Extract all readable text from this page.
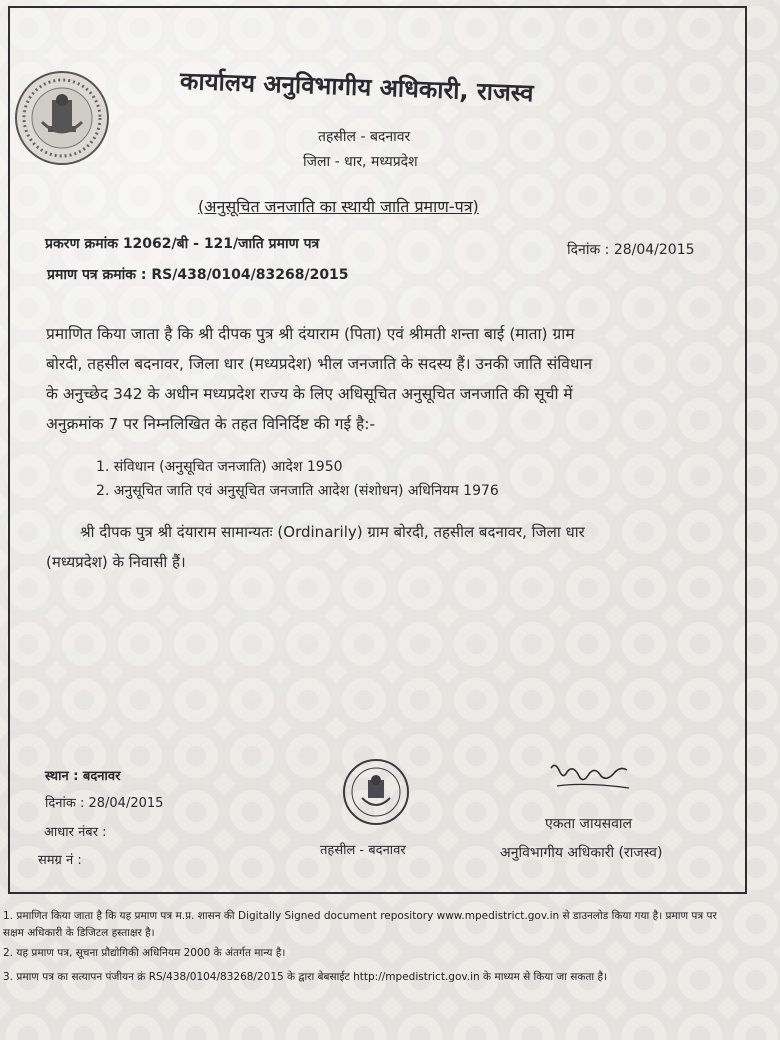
कार्यालय अनुविभागीय अधिकारी, राजस्व
तहसील - बदनावर
जिला - धार, मध्यप्रदेश
(अनुसूचित जनजाति का स्थायी जाति प्रमाण-पत्र)
प्रकरण क्रमांक 12062/बी - 121/जाति प्रमाण पत्र	दिनांक : 28/04/2015
प्रमाण पत्र क्रमांक : RS/438/0104/83268/2015
प्रमाणित किया जाता है कि श्री दीपक पुत्र श्री दंयाराम (पिता) एवं श्रीमती शन्ता बाई (माता) ग्राम
बोरदी, तहसील बदनावर, जिला धार (मध्यप्रदेश) भील जनजाति के सदस्य हैं। उनकी जाति संविधान
के अनुच्छेद 342 के अधीन मध्यप्रदेश राज्य के लिए अधिसूचित अनुसूचित जनजाति की सूची में
अनुक्रमांक 7 पर निम्नलिखित के तहत विनिर्दिष्ट की गई है:-
1. संविधान (अनुसूचित जनजाति) आदेश 1950
2. अनुसूचित जाति एवं अनुसूचित जनजाति आदेश (संशोधन) अधिनियम 1976
श्री दीपक पुत्र श्री दंयाराम सामान्यतः (Ordinarily) ग्राम बोरदी, तहसील बदनावर, जिला धार
(मध्यप्रदेश) के निवासी हैं।
स्थान : बदनावर
दिनांक : 28/04/2015
आधार नंबर :
समग्र नं :
तहसील - बदनावर
एकता जायसवाल
अनुविभागीय अधिकारी (राजस्व)
1. प्रमाणित किया जाता है कि यह प्रमाण पत्र म.प्र. शासन की Digitally Signed document repository www.mpedistrict.gov.in से डाउनलोड किया गया है। प्रमाण पत्र पर
सक्षम अधिकारी के डिजिटल हस्ताक्षर है।
2. यह प्रमाण पत्र, सूचना प्रौद्योगिकी अधिनियम 2000 के अंतर्गत मान्य है।
3. प्रमाण पत्र का सत्यापन पंजीयन क्रं RS/438/0104/83268/2015 के द्वारा बेबसाईट http://mpedistrict.gov.in के माध्यम से किया जा सकता है।
